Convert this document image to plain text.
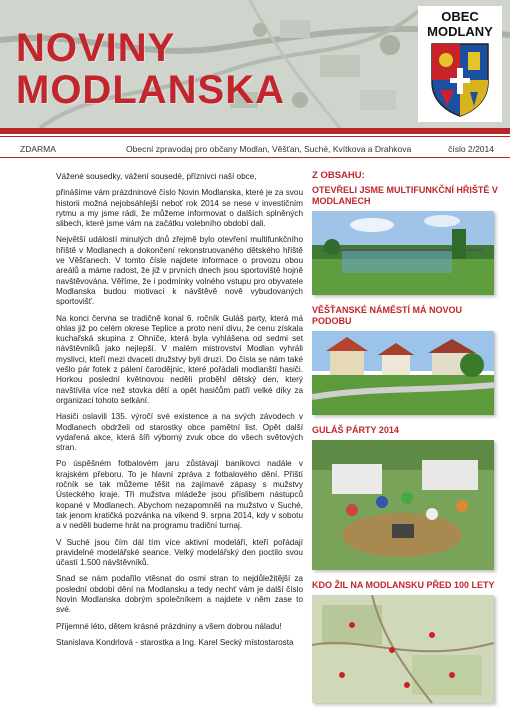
NOVINY
MODLANSKA
OBEC
MODLANY
ZDARMA	Obecní zpravodaj pro občany Modlan, Věšťan, Suché, Kvítkova a Drahkova	číslo 2/2014

Vážené sousedky, vážení sousedé, příznivci naší obce,

přinášíme vám prázdninové číslo Novin Modlanska, které je za svou historii možná nejobsáhlejší neboť rok 2014 se nese v investičním rytmu a my jsme rádi, že můžeme informovat o dalších splněných slibech, které jsme vám na začátku volebního období dali.

Největší událostí minulých dnů zřejmě bylo otevření multifunkčního hřiště v Modlanech a dokončení rekonstruovaného dětského hřiště ve Věšťanech. V tomto čísle najdete informace o provozu obou areálů a máme radost, že již v prvních dnech jsou sportoviště hojně navštěvována. Věříme, že i podmínky volného vstupu pro obyvatele Modlanska budou motivací k návštěvě nově vybudovaných sportovišť.

Na konci června se tradičně konal 6. ročník Guláš party, která má ohlas již po celém okrese Teplice a proto není divu, že cenu získala kuchařská skupina z Ohníče, která byla vyhlášena od sedmi set návštěvníků jako nejlepší. V malém mistrovství Modlan vyhráli myslivci, kteří mezi dvaceti družstvy byli druzí. Do čísla se nám také vešlo pár fotek z pálení čarodějnic, které pořádali modlanští hasiči. Horkou poslední květnovou neděli proběhl dětský den, který navštívila více než stovka dětí a opět hasičům patří velké díky za organizaci tohoto setkání.

Hasiči oslavili 135. výročí své existence a na svých závodech v Modlanech obdrželi od starostky obce pamětní list. Opět další vydařená akce, která šíři výborný zvuk obce do všech světových stran.

Po úspěšném fotbalovém jaru zůstávají banikovci nadále v krajském přeboru. To je hlavní zpráva z fotbalového dění. Příští ročník se tak můžeme těšit na zajímavé zápasy s mužstvy Ústeckého kraje. Tři mužstva mládeže jsou příslibem nástupců kopané v Modlanech. Abychom nezapomněli na mužstvo v Suché, tak jenom kratičká pozvánka na víkend 9. srpna 2014, kdy v sobotu a v neděli budeme hrát na programu tradiční turnaj.

V Suché jsou čím dál tím více aktivní modeláři, kteří pořádají pravidelné modelářské seance. Velký modelářský den poctilo svou účastí 1.500 návštěvníků.

Snad se nám podařilo vtěsnat do osmi stran to nejdůležitější za poslední období dění na Modlansku a tedy nechť vám je další číslo Novin Modlanska dobrým společníkem a najdete v něm zase to své.

Příjemné léto, dětem krásné prázdniny a všem dobrou náladu!

Stanislava Kondrlová - starostka a Ing. Karel Secký místostarosta

Z OBSAHU:
OTEVŘELI JSME MULTIFUNKČNÍ HŘIŠTĚ V MODLANECH
VĚŠŤANSKÉ NÁMĚSTÍ MÁ NOVOU PODOBU
GULÁŠ PÁRTY 2014
KDO ŽIL NA MODLANSKU PŘED 100 LETY
